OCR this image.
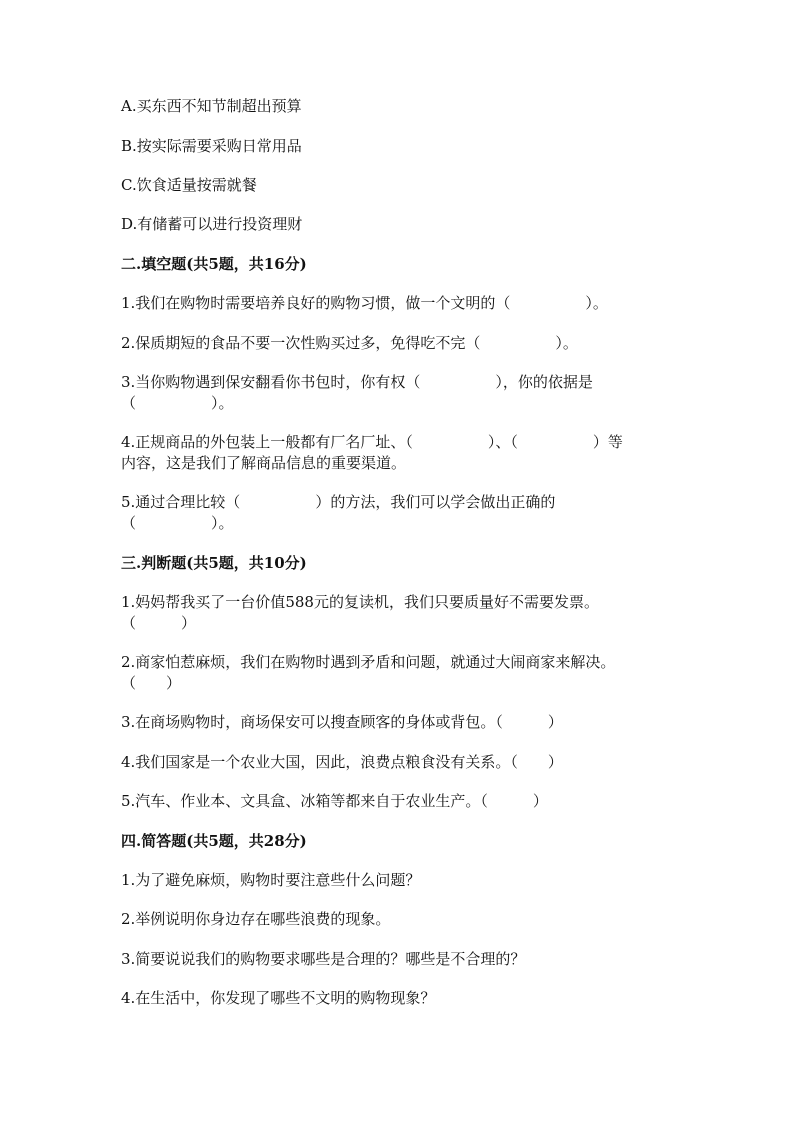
A.买东西不知节制超出预算
B.按实际需要采购日常用品
C.饮食适量按需就餐
D.有储蓄可以进行投资理财
二.填空题(共5题，共16分)
1.我们在购物时需要培养良好的购物习惯，做一个文明的（　　　　　）。
2.保质期短的食品不要一次性购买过多，免得吃不完（　　　　　）。
3.当你购物遇到保安翻看你书包时，你有权（　　　　　），你的依据是
（　　　　　）。
4.正规商品的外包装上一般都有厂名厂址、（　　　　　）、（　　　　　）等
内容，这是我们了解商品信息的重要渠道。
5.通过合理比较（　　　　　）的方法，我们可以学会做出正确的
（　　　　　）。
三.判断题(共5题，共10分)
1.妈妈帮我买了一台价值588元的复读机，我们只要质量好不需要发票。
（　　　）
2.商家怕惹麻烦，我们在购物时遇到矛盾和问题，就通过大闹商家来解决。
（　　）
3.在商场购物时，商场保安可以搜查顾客的身体或背包。（　　　）
4.我们国家是一个农业大国，因此，浪费点粮食没有关系。（　　）
5.汽车、作业本、文具盒、冰箱等都来自于农业生产。（　　　）
四.简答题(共5题，共28分)
1.为了避免麻烦，购物时要注意些什么问题？
2.举例说明你身边存在哪些浪费的现象。
3.简要说说我们的购物要求哪些是合理的？哪些是不合理的？
4.在生活中，你发现了哪些不文明的购物现象？
